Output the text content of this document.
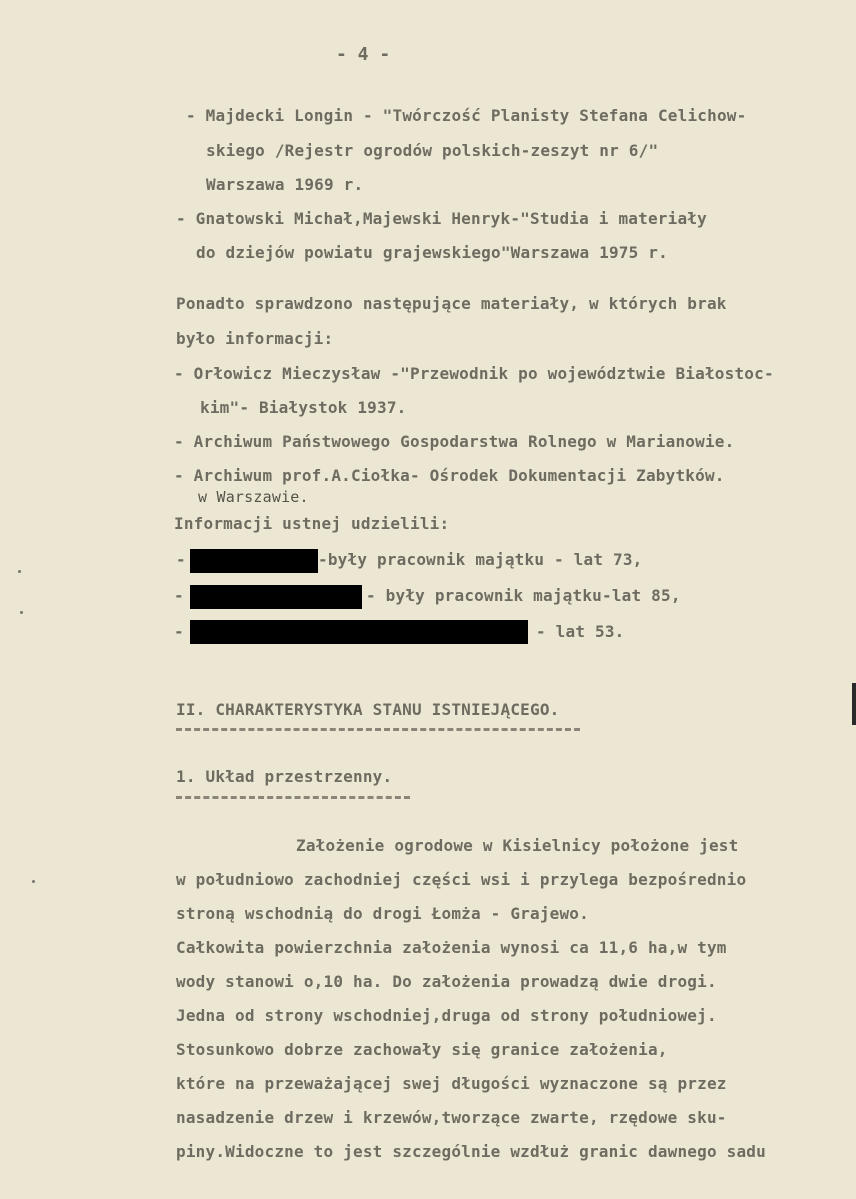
- 4 -
- Majdecki Longin - "Twórczość Planisty Stefana Celichow-
skiego /Rejestr ogrodów polskich-zeszyt nr 6/"
Warszawa 1969 r.
- Gnatowski Michał,Majewski Henryk-"Studia i materiały
do dziejów powiatu grajewskiego"Warszawa 1975 r.
Ponadto sprawdzono następujące materiały, w których brak
było informacji:
- Orłowicz Mieczysław -"Przewodnik po województwie Białostoc-
kim"- Białystok 1937.
- Archiwum Państwowego Gospodarstwa Rolnego w Marianowie.
- Archiwum prof.A.Ciołka- Ośrodek Dokumentacji Zabytków.
w Warszawie.
Informacji ustnej udzielili:
-	-były pracownik majątku - lat 73,
-	- były pracownik majątku-lat 85,
-	- lat 53.
II. CHARAKTERYSTYKA STANU ISTNIEJĄCEGO.
1. Układ przestrzenny.
Założenie ogrodowe w Kisielnicy położone jest
w południowo zachodniej części wsi i przylega bezpośrednio
stroną wschodnią do drogi Łomża - Grajewo.
Całkowita powierzchnia założenia wynosi ca 11,6 ha,w tym
wody stanowi o,10 ha. Do założenia prowadzą dwie drogi.
Jedna od strony wschodniej,druga od strony południowej.
Stosunkowo dobrze zachowały się granice założenia,
które na przeważającej swej długości wyznaczone są przez
nasadzenie drzew i krzewów,tworzące zwarte, rzędowe sku-
piny.Widoczne to jest szczególnie wzdłuż granic dawnego sadu
